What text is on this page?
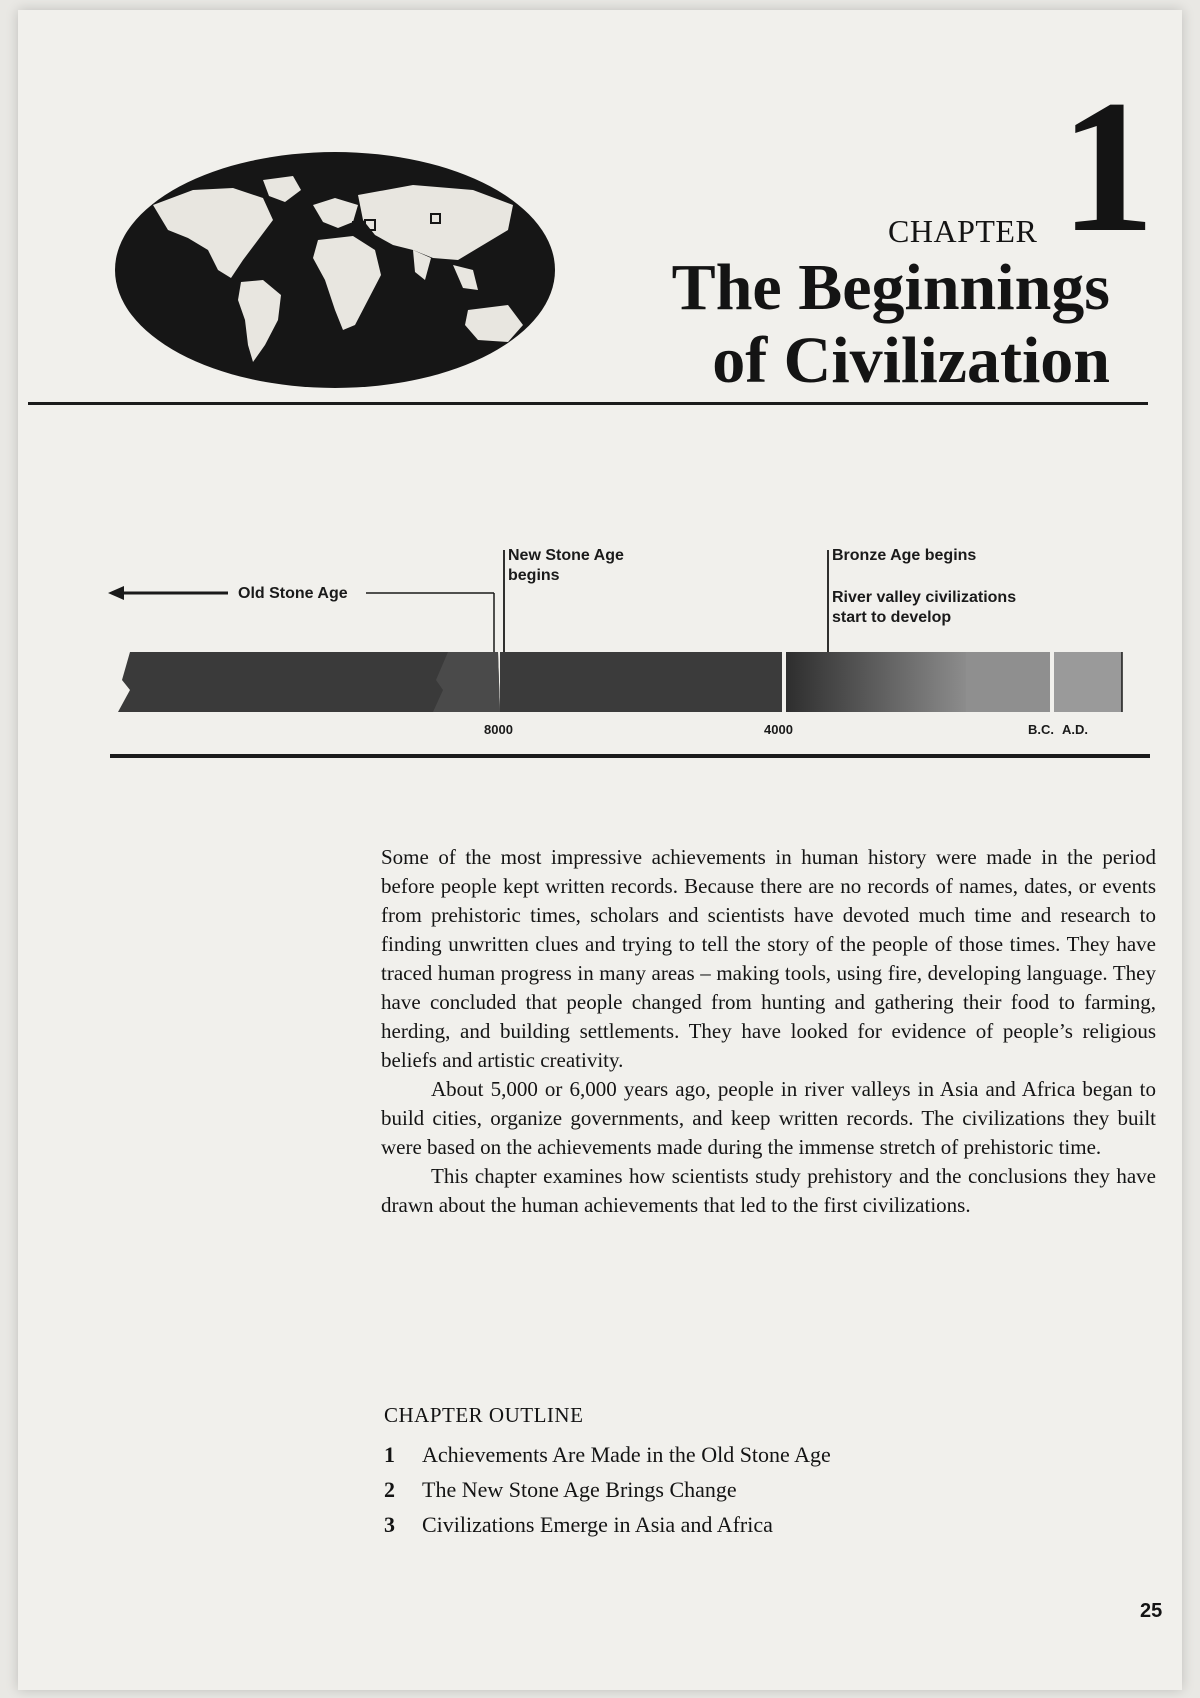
CHAPTER 1
The Beginnings
of Civilization
Old Stone Age
New Stone Age begins
Bronze Age begins
River valley civilizations start to develop
8000	4000	B.C. A.D.

Some of the most impressive achievements in human history were made in the period before people kept written records. Because there are no records of names, dates, or events from prehistoric times, scholars and scientists have devoted much time and research to finding unwritten clues and trying to tell the story of the people of those times. They have traced human progress in many areas – making tools, using fire, developing language. They have concluded that people changed from hunting and gathering their food to farming, herding, and building settlements. They have looked for evidence of people’s religious beliefs and artistic creativity.

About 5,000 or 6,000 years ago, people in river valleys in Asia and Africa began to build cities, organize governments, and keep written records. The civilizations they built were based on the achievements made during the immense stretch of prehistoric time.

This chapter examines how scientists study prehistory and the conclusions they have drawn about the human achievements that led to the first civilizations.

CHAPTER OUTLINE
1 Achievements Are Made in the Old Stone Age
2 The New Stone Age Brings Change
3 Civilizations Emerge in Asia and Africa
25
